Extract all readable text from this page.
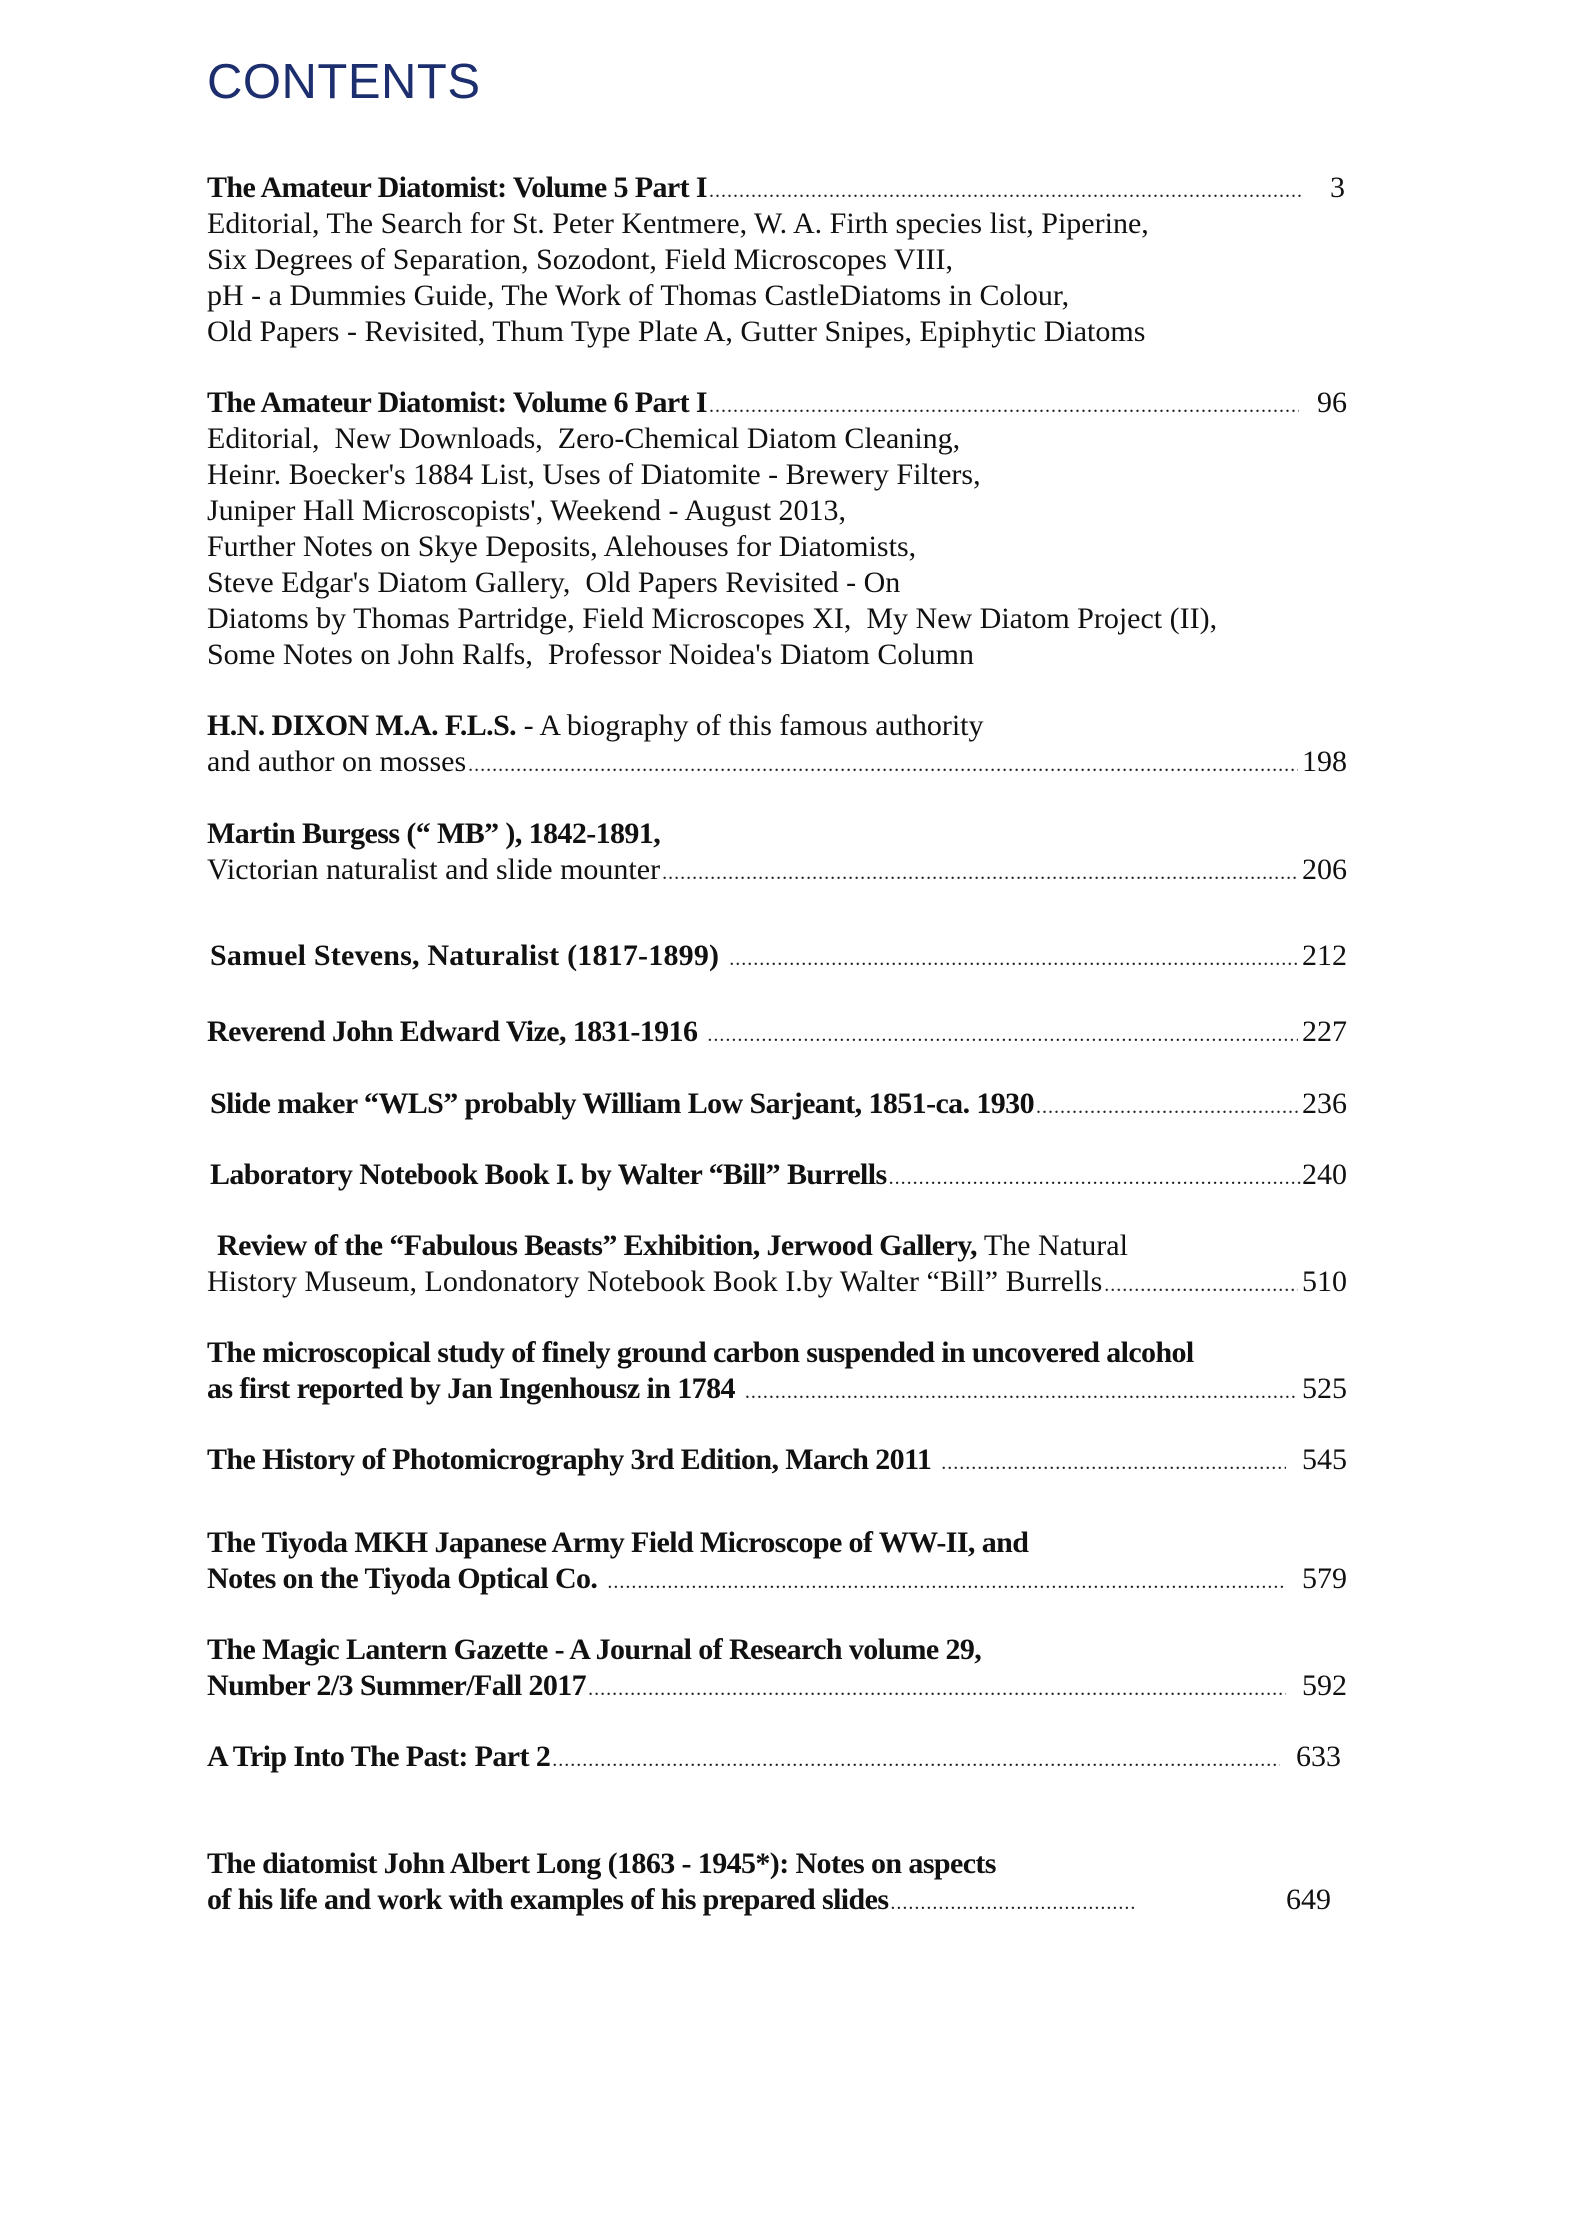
CONTENTS
The Amateur Diatomist: Volume 5 Part I .....	3
Editorial, The Search for St. Peter Kentmere, W. A. Firth species list, Piperine,
Six Degrees of Separation, Sozodont, Field Microscopes VIII,
pH - a Dummies Guide, The Work of Thomas CastleDiatoms in Colour,
Old Papers - Revisited, Thum Type Plate A, Gutter Snipes, Epiphytic Diatoms
The Amateur Diatomist: Volume 6 Part I .....	96
Editorial,  New Downloads,  Zero-Chemical Diatom Cleaning,
Heinr. Boecker's 1884 List, Uses of Diatomite - Brewery Filters,
Juniper Hall Microscopists', Weekend - August 2013,
Further Notes on Skye Deposits, Alehouses for Diatomists,
Steve Edgar's Diatom Gallery,  Old Papers Revisited - On
Diatoms by Thomas Partridge, Field Microscopes XI,  My New Diatom Project (II),
Some Notes on John Ralfs,  Professor Noidea's Diatom Column
H.N. DIXON M.A. F.L.S. - A biography of this famous authority
and author on mosses .....	198
Martin Burgess (“ MB” ), 1842-1891,
Victorian naturalist and slide mounter .....	206
Samuel Stevens, Naturalist (1817-1899) .....	212
Reverend John Edward Vize, 1831-1916 .....	227
Slide maker “WLS” probably William Low Sarjeant, 1851-ca. 1930 .....	236
Laboratory Notebook Book I. by Walter “Bill” Burrells .....	240
Review of the “Fabulous Beasts” Exhibition, Jerwood Gallery, The Natural
History Museum, Londonatory Notebook Book I.by Walter “Bill” Burrells .....	510
The microscopical study of finely ground carbon suspended in uncovered alcohol
as first reported by Jan Ingenhousz in 1784 .....	525
The History of Photomicrography 3rd Edition, March 2011 .....	545
The Tiyoda MKH Japanese Army Field Microscope of WW-II, and
Notes on the Tiyoda Optical Co. .....	579
The Magic Lantern Gazette - A Journal of Research volume 29,
Number 2/3 Summer/Fall 2017 .....	592
A Trip Into The Past: Part 2 .....	633
The diatomist John Albert Long (1863 - 1945*): Notes on aspects
of his life and work with examples of his prepared slides .....	649
